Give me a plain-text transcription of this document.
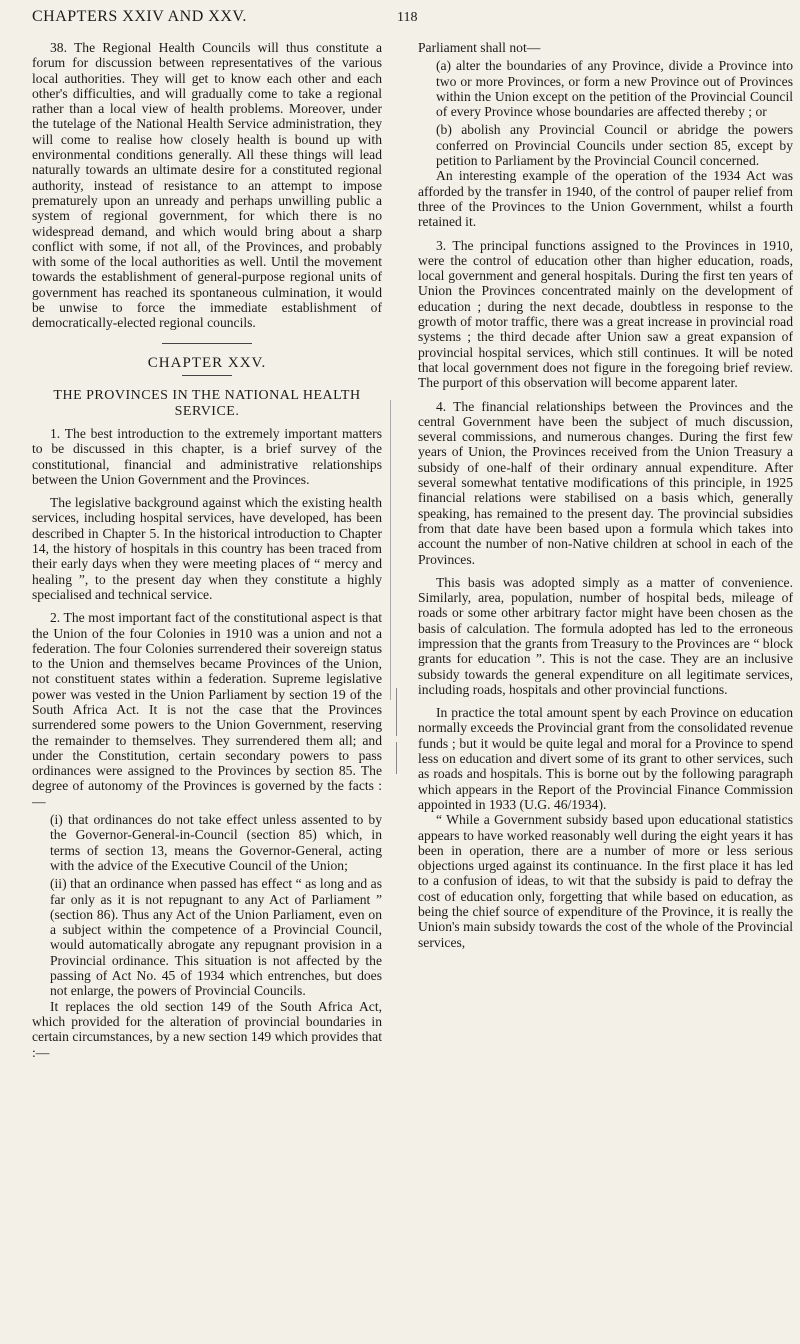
CHAPTERS XXIV AND XXV.	118

38. The Regional Health Councils will thus constitute a forum for discussion between representatives of the various local authorities. They will get to know each other and each other's difficulties, and will gradually come to take a regional rather than a local view of health problems. Moreover, under the tutelage of the National Health Service administration, they will come to realise how closely health is bound up with environmental conditions generally. All these things will lead naturally towards an ultimate desire for a constituted regional authority, instead of resistance to an attempt to impose prematurely upon an unready and perhaps unwilling public a system of regional government, for which there is no widespread demand, and which would bring about a sharp conflict with some, if not all, of the Provinces, and probably with some of the local authorities as well. Until the movement towards the establishment of general-purpose regional units of government has reached its spontaneous culmination, it would be unwise to force the immediate establishment of democratically-elected regional councils.

CHAPTER XXV.
THE PROVINCES IN THE NATIONAL HEALTH SERVICE.

1. The best introduction to the extremely important matters to be discussed in this chapter, is a brief survey of the constitutional, financial and administrative relationships between the Union Government and the Provinces.

The legislative background against which the existing health services, including hospital services, have developed, has been described in Chapter 5. In the historical introduction to Chapter 14, the history of hospitals in this country has been traced from their early days when they were meeting places of “ mercy and healing ”, to the present day when they constitute a highly specialised and technical service.

2. The most important fact of the constitutional aspect is that the Union of the four Colonies in 1910 was a union and not a federation. The four Colonies surrendered their sovereign status to the Union and themselves became Provinces of the Union, not constituent states within a federation. Supreme legislative power was vested in the Union Parliament by section 19 of the South Africa Act. It is not the case that the Provinces surrendered some powers to the Union Government, reserving the remainder to themselves. They surrendered them all; and under the Constitution, certain secondary powers to pass ordinances were assigned to the Provinces by section 85. The degree of autonomy of the Provinces is governed by the facts :—

(i) that ordinances do not take effect unless assented to by the Governor-General-in-Council (section 85) which, in terms of section 13, means the Governor-General, acting with the advice of the Executive Council of the Union;

(ii) that an ordinance when passed has effect “ as long and as far only as it is not repugnant to any Act of Parliament ” (section 86). Thus any Act of the Union Parliament, even on a subject within the competence of a Provincial Council, would automatically abrogate any repugnant provision in a Provincial ordinance. This situation is not affected by the passing of Act No. 45 of 1934 which entrenches, but does not enlarge, the powers of Provincial Councils.

It replaces the old section 149 of the South Africa Act, which provided for the alteration of provincial boundaries in certain circumstances, by a new section 149 which provides that :—

Parliament shall not—

(a) alter the boundaries of any Province, divide a Province into two or more Provinces, or form a new Province out of Provinces within the Union except on the petition of the Provincial Council of every Province whose boundaries are affected thereby ; or

(b) abolish any Provincial Council or abridge the powers conferred on Provincial Councils under section 85, except by petition to Parliament by the Provincial Council concerned.

An interesting example of the operation of the 1934 Act was afforded by the transfer in 1940, of the control of pauper relief from three of the Provinces to the Union Government, whilst a fourth retained it.

3. The principal functions assigned to the Provinces in 1910, were the control of education other than higher education, roads, local government and general hospitals. During the first ten years of Union the Provinces concentrated mainly on the development of education ; during the next decade, doubtless in response to the growth of motor traffic, there was a great increase in provincial road systems ; the third decade after Union saw a great expansion of provincial hospital services, which still continues. It will be noted that local government does not figure in the foregoing brief review. The purport of this observation will become apparent later.

4. The financial relationships between the Provinces and the central Government have been the subject of much discussion, several commissions, and numerous changes. During the first few years of Union, the Provinces received from the Union Treasury a subsidy of one-half of their ordinary annual expenditure. After several somewhat tentative modifications of this principle, in 1925 financial relations were stabilised on a basis which, generally speaking, has remained to the present day. The provincial subsidies from that date have been based upon a formula which takes into account the number of non-Native children at school in each of the Provinces.

This basis was adopted simply as a matter of convenience. Similarly, area, population, number of hospital beds, mileage of roads or some other arbitrary factor might have been chosen as the basis of calculation. The formula adopted has led to the erroneous impression that the grants from Treasury to the Provinces are “ block grants for education ”. This is not the case. They are an inclusive subsidy towards the general expenditure on all legitimate services, including roads, hospitals and other provincial functions.

In practice the total amount spent by each Province on education normally exceeds the Provincial grant from the consolidated revenue funds ; but it would be quite legal and moral for a Province to spend less on education and divert some of its grant to other services, such as roads and hospitals. This is borne out by the following paragraph which appears in the Report of the Provincial Finance Commission appointed in 1933 (U.G. 46/1934).

“ While a Government subsidy based upon educational statistics appears to have worked reasonably well during the eight years it has been in operation, there are a number of more or less serious objections urged against its continuance. In the first place it has led to a confusion of ideas, to wit that the subsidy is paid to defray the cost of education only, forgetting that while based on education, as being the chief source of expenditure of the Province, it is really the Union's main subsidy towards the cost of the whole of the Provincial services,
